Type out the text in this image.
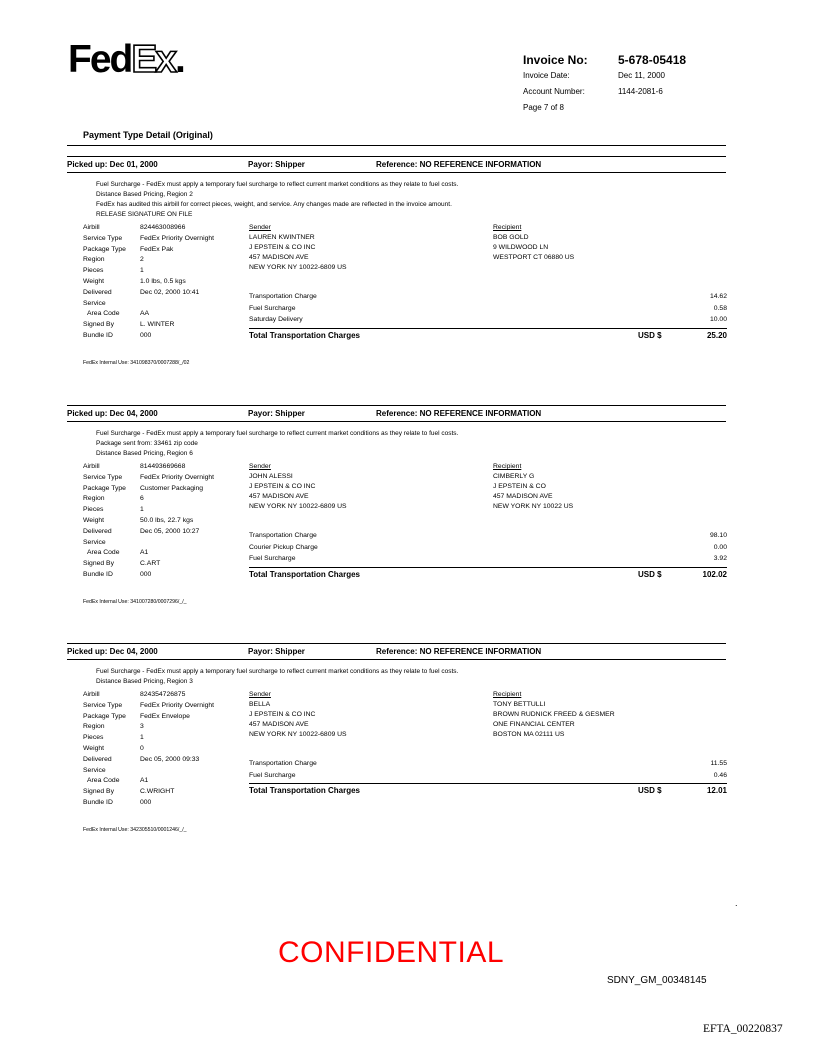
FedEx.	Invoice No:	5-678-05418
Invoice Date:	Dec 11, 2000
Account Number:	1144-2081-6
Page 7 of 8
Payment Type Detail (Original)
Picked up: Dec 01, 2000	Payor: Shipper	Reference: NO REFERENCE INFORMATION
Fuel Surcharge - FedEx must apply a temporary fuel surcharge to reflect current market conditions as they relate to fuel costs.
Distance Based Pricing, Region 2
FedEx has audited this airbill for correct pieces, weight, and service. Any changes made are reflected in the invoice amount.
RELEASE SIGNATURE ON FILE
Airbill	824463008966
Service Type	FedEx Priority Overnight
Package Type FedEx Pak
Region	2
Pieces	1
Weight	1.0 lbs, 0.5 kgs
Delivered	Dec 02, 2000 10:41
Service
Area Code	AA
Signed By	L. WINTER
Bundle ID	000
Sender
LAUREN KWINTNER
J EPSTEIN & CO INC
457 MADISON AVE
NEW YORK NY 10022-6809 US
Recipient
BOB GOLD
9 WILDWOOD LN
WESTPORT CT 06880 US
Transportation Charge	14.62
Fuel Surcharge	0.58
Saturday Delivery	10.00
Total Transportation Charges	USD $	25.20
FedEx Internal Use: 341098370/0007288/_/02
Picked up: Dec 04, 2000	Payor: Shipper	Reference: NO REFERENCE INFORMATION
Fuel Surcharge - FedEx must apply a temporary fuel surcharge to reflect current market conditions as they relate to fuel costs.
Package sent from: 33461 zip code
Distance Based Pricing, Region 6
Airbill	814493669668
Service Type	FedEx Priority Overnight
Package Type Customer Packaging
Region	6
Pieces	1
Weight	50.0 lbs, 22.7 kgs
Delivered	Dec 05, 2000 10:27
Service
Area Code	A1
Signed By	C.ART
Bundle ID	000
Sender
JOHN ALESSI
J EPSTEIN & CO INC
457 MADISON AVE
NEW YORK NY 10022-6809 US
Recipient
CIMBERLY G
J EPSTEIN & CO
457 MADISON AVE
NEW YORK NY 10022 US
Transportation Charge	98.10
Courier Pickup Charge	0.00
Fuel Surcharge	3.92
Total Transportation Charges	USD $	102.02
FedEx Internal Use: 341007280/0007296/_/_
Picked up: Dec 04, 2000	Payor: Shipper	Reference: NO REFERENCE INFORMATION
Fuel Surcharge - FedEx must apply a temporary fuel surcharge to reflect current market conditions as they relate to fuel costs.
Distance Based Pricing, Region 3
Airbill	824354726875
Service Type	FedEx Priority Overnight
Package Type FedEx Envelope
Region	3
Pieces	1
Weight	0
Delivered	Dec 05, 2000 09:33
Service
Area Code	A1
Signed By	C.WRIGHT
Bundle ID	000
Sender
BELLA
J EPSTEIN & CO INC
457 MADISON AVE
NEW YORK NY 10022-6809 US
Recipient
TONY BETTULLI
BROWN RUDNICK FREED & GESMER
ONE FINANCIAL CENTER
BOSTON MA 02111 US
Transportation Charge	11.55
Fuel Surcharge	0.46
Total Transportation Charges	USD $	12.01
FedEx Internal Use: 342305510/0001246/_/_
.
CONFIDENTIAL
SDNY_GM_00348145
EFTA_00220837
